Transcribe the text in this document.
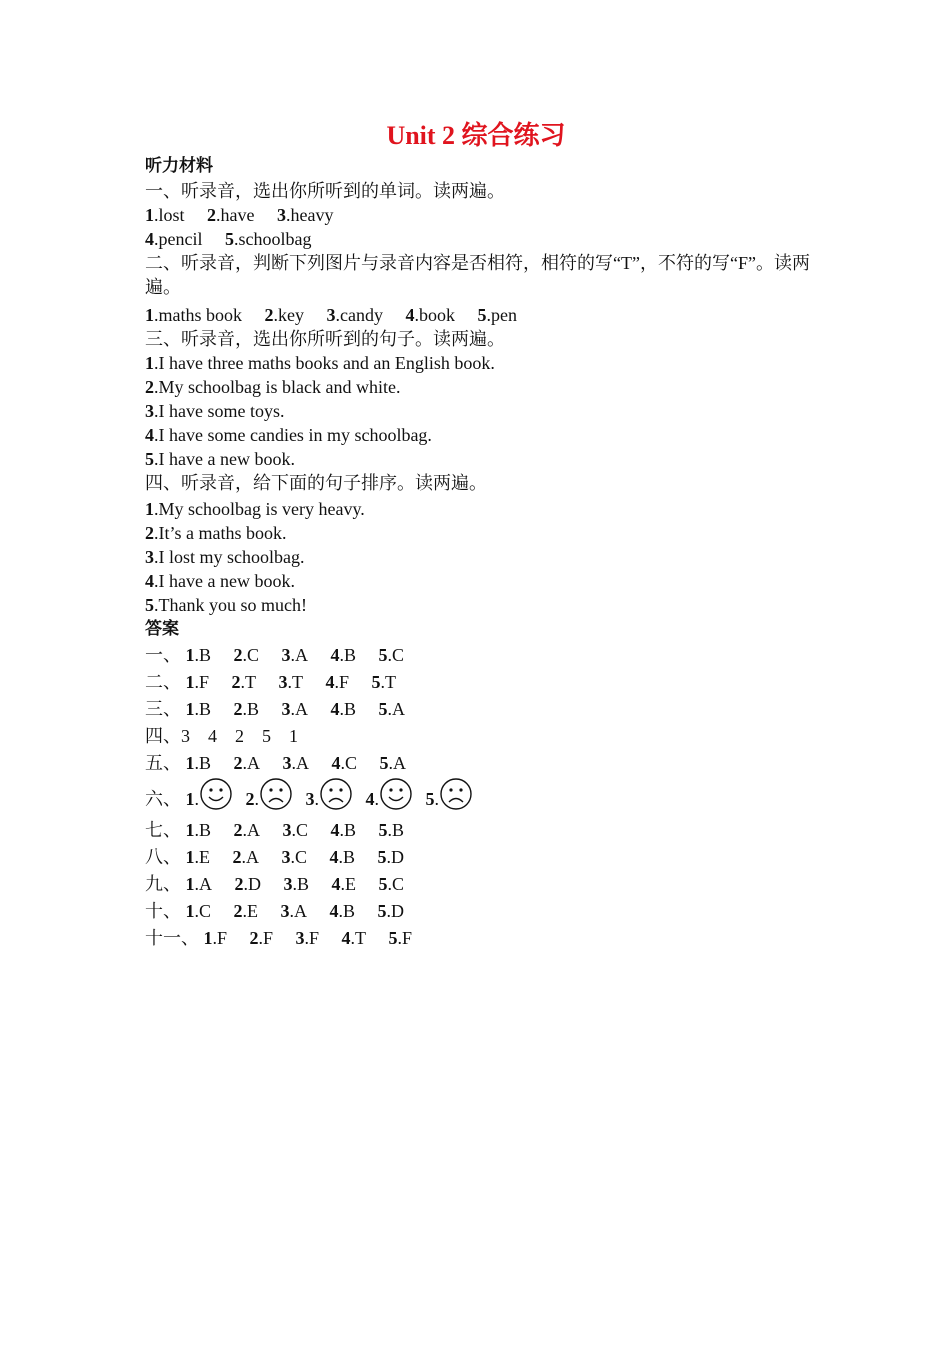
Unit 2 综合练习
听力材料
一、听录音，选出你所听到的单词。读两遍。
1.lost 2.have 3.heavy
4.pencil 5.schoolbag
二、听录音，判断下列图片与录音内容是否相符，相符的写“T”，不符的写“F”。读两遍。
1.maths book 2.key 3.candy 4.book 5.pen
三、听录音，选出你所听到的句子。读两遍。
1.I have three maths books and an English book.
2.My schoolbag is black and white.
3.I have some toys.
4.I have some candies in my schoolbag.
5.I have a new book.
四、听录音，给下面的句子排序。读两遍。
1.My schoolbag is very heavy.
2.It’s a maths book.
3.I lost my schoolbag.
4.I have a new book.
5.Thank you so much!
答案
一、 1.B 2.C 3.A 4.B 5.C
二、 1.F 2.T 3.T 4.F 5.T
三、 1.B 2.B 3.A 4.B 5.A
四、3　4　2　5　1
五、 1.B 2.A 3.A 4.C 5.A
六、 1.	2.	3.	4.	5.
七、 1.B 2.A 3.C 4.B 5.B
八、 1.E 2.A 3.C 4.B 5.D
九、 1.A 2.D 3.B 4.E 5.C
十、 1.C 2.E 3.A 4.B 5.D
十一、 1.F 2.F 3.F 4.T 5.F
